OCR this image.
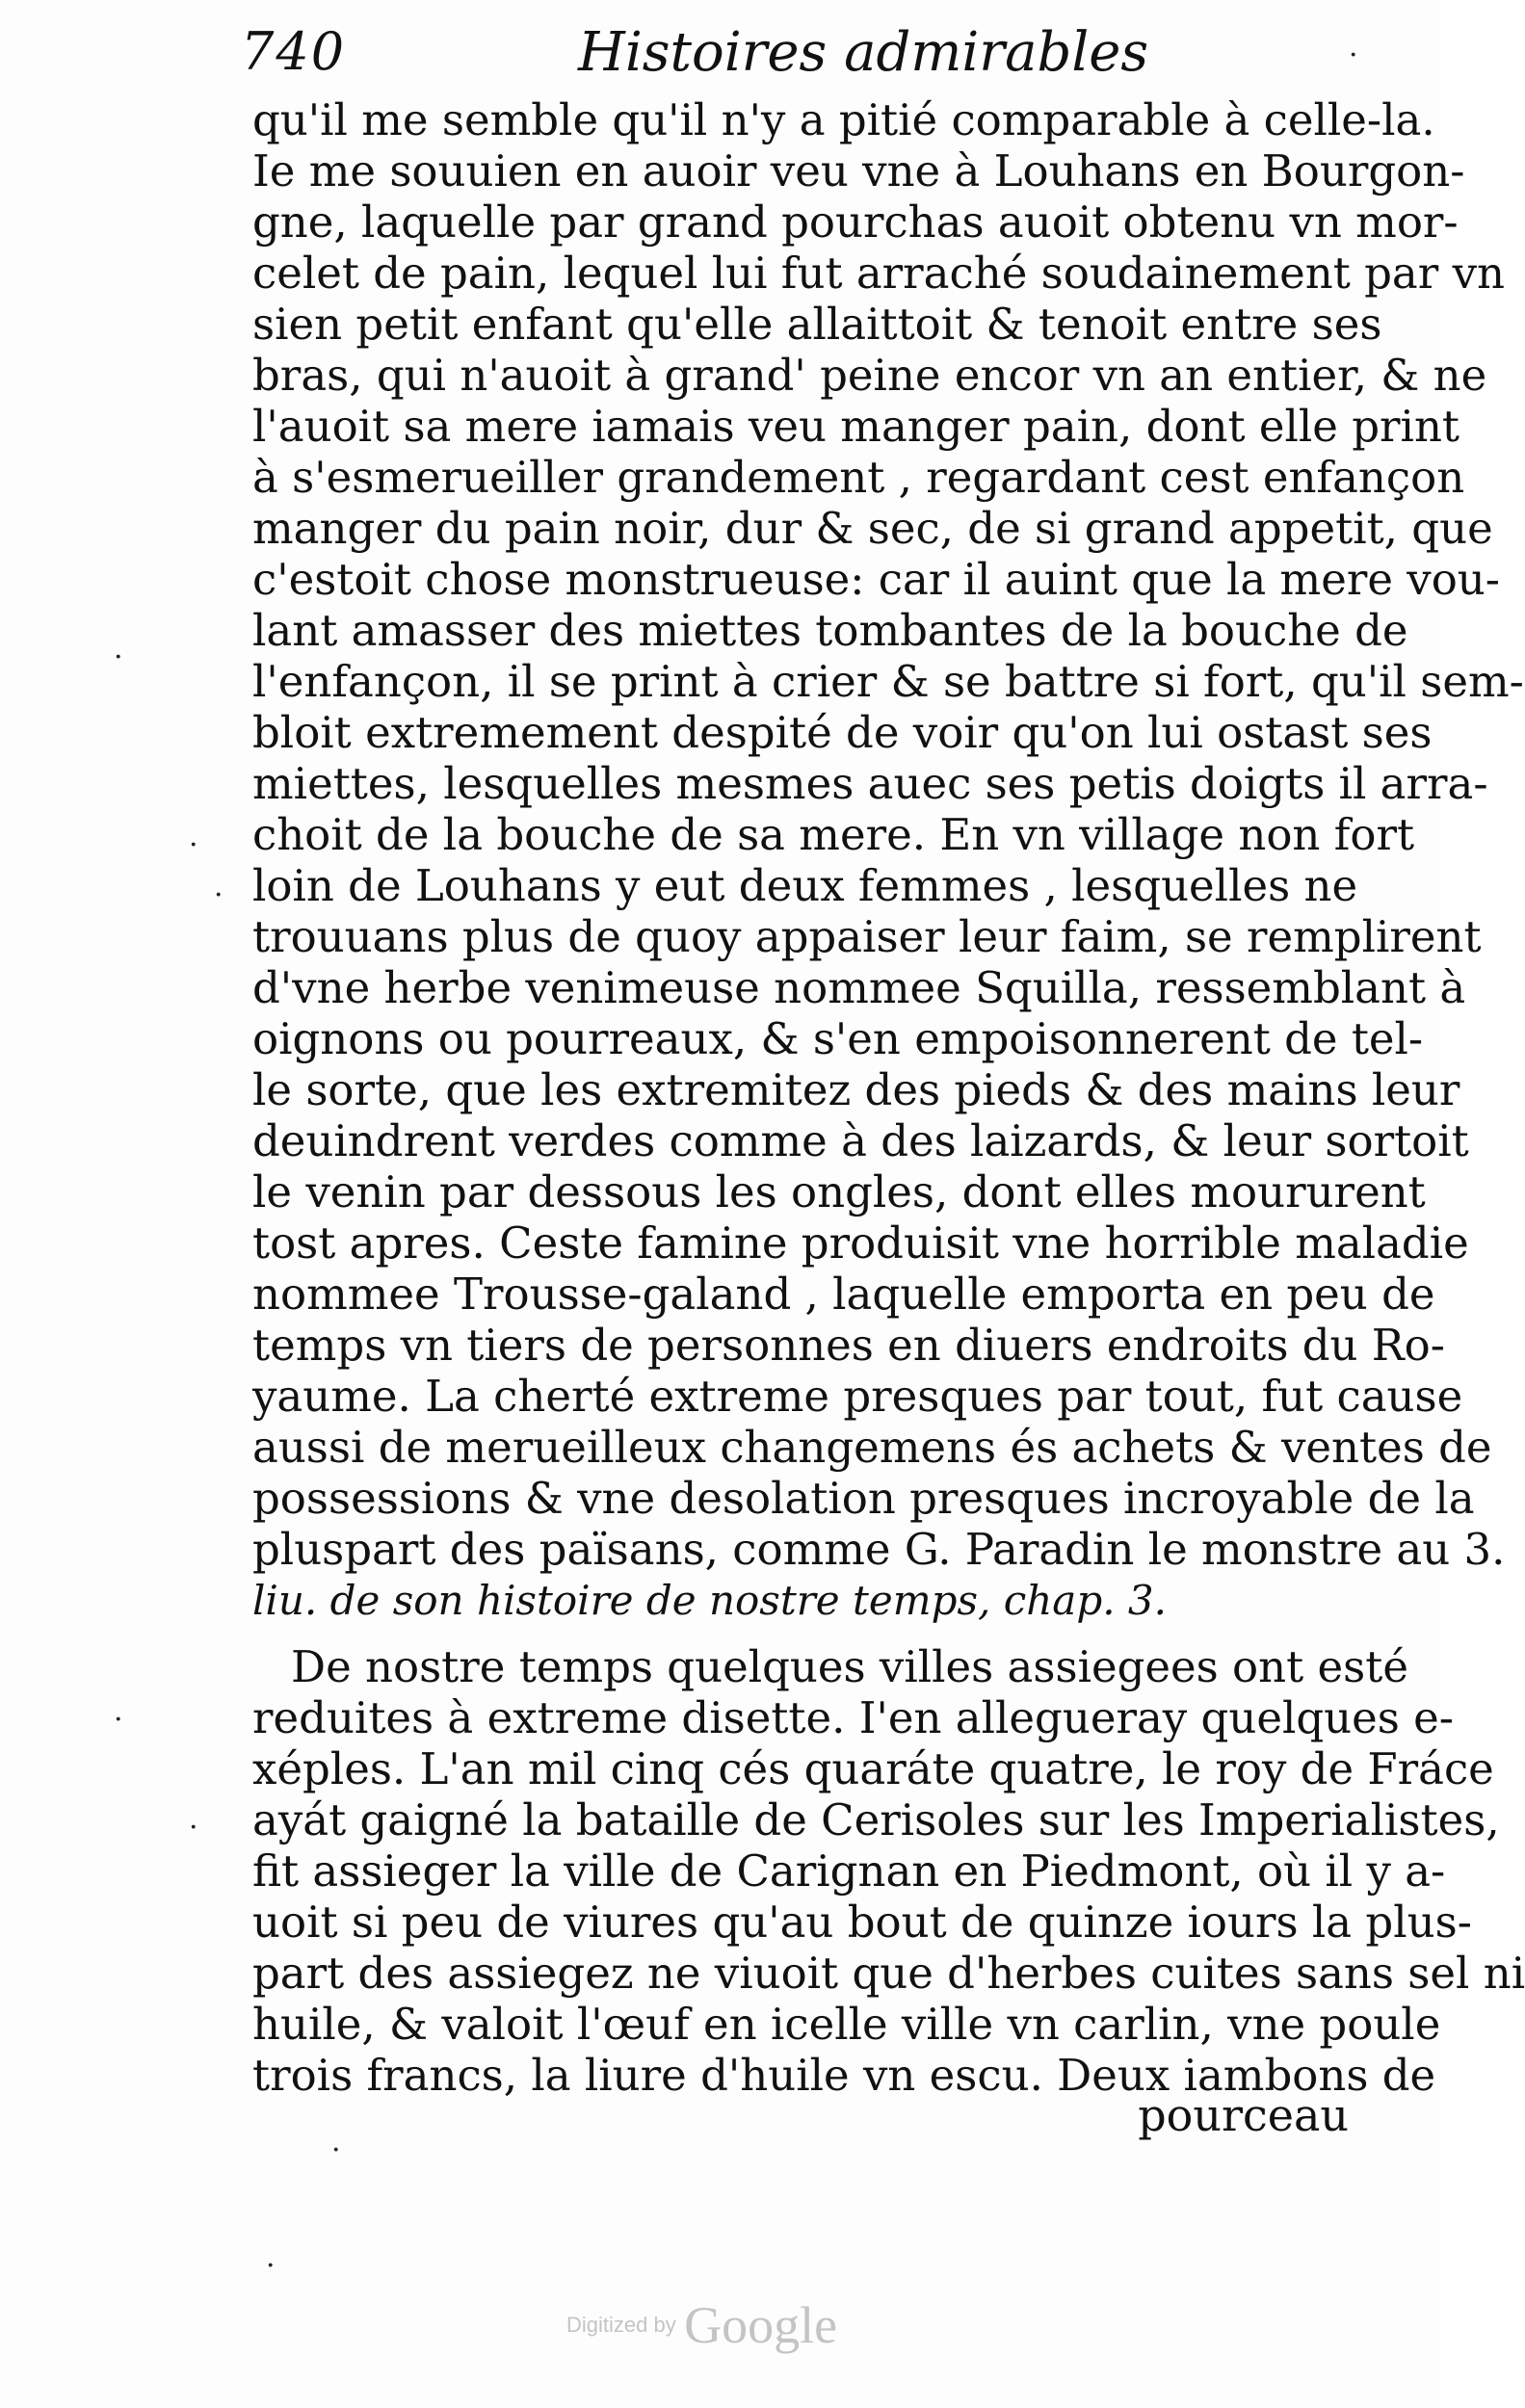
740	Histoires admirables
qu'il me semble qu'il n'y a pitié comparable à celle-la.
Ie me souuien en auoir veu vne à Louhans en Bourgon-
gne, laquelle par grand pourchas auoit obtenu vn mor-
celet de pain, lequel lui fut arraché soudainement par vn
sien petit enfant qu'elle allaittoit & tenoit entre ses
bras, qui n'auoit à grand' peine encor vn an entier, & ne
l'auoit sa mere iamais veu manger pain, dont elle print
à s'esmerueiller grandement , regardant cest enfançon
manger du pain noir, dur & sec, de si grand appetit, que
c'estoit chose monstrueuse: car il auint que la mere vou-
lant amasser des miettes tombantes de la bouche de
l'enfançon, il se print à crier & se battre si fort, qu'il sem-
bloit extremement despité de voir qu'on lui ostast ses
miettes, lesquelles mesmes auec ses petis doigts il arra-
choit de la bouche de sa mere. En vn village non fort
loin de Louhans y eut deux femmes , lesquelles ne
trouuans plus de quoy appaiser leur faim, se remplirent
d'vne herbe venimeuse nommee Squilla, ressemblant à
oignons ou pourreaux, & s'en empoisonnerent de tel-
le sorte, que les extremitez des pieds & des mains leur
deuindrent verdes comme à des laizards, & leur sortoit
le venin par dessous les ongles, dont elles moururent
tost apres. Ceste famine produisit vne horrible maladie
nommee Trousse-galand , laquelle emporta en peu de
temps vn tiers de personnes en diuers endroits du Ro-
yaume. La cherté extreme presques par tout, fut cause
aussi de merueilleux changemens és achets & ventes de
possessions & vne desolation presques incroyable de la
pluspart des païsans, comme G. Paradin le monstre au 3.
liu. de son histoire de nostre temps, chap. 3.
De nostre temps quelques villes assiegees ont esté
reduites à extreme disette. I'en allegueray quelques e-
xéples. L'an mil cinq cés quaráte quatre, le roy de Fráce
ayát gaigné la bataille de Cerisoles sur les Imperialistes,
fit assieger la ville de Carignan en Piedmont, où il y a-
uoit si peu de viures qu'au bout de quinze iours la plus-
part des assiegez ne viuoit que d'herbes cuites sans sel ni
huile, & valoit l'œuf en icelle ville vn carlin, vne poule
trois francs, la liure d'huile vn escu. Deux iambons de
pourceau
·
·
·
·
·
·
·
·
Digitized by Google
